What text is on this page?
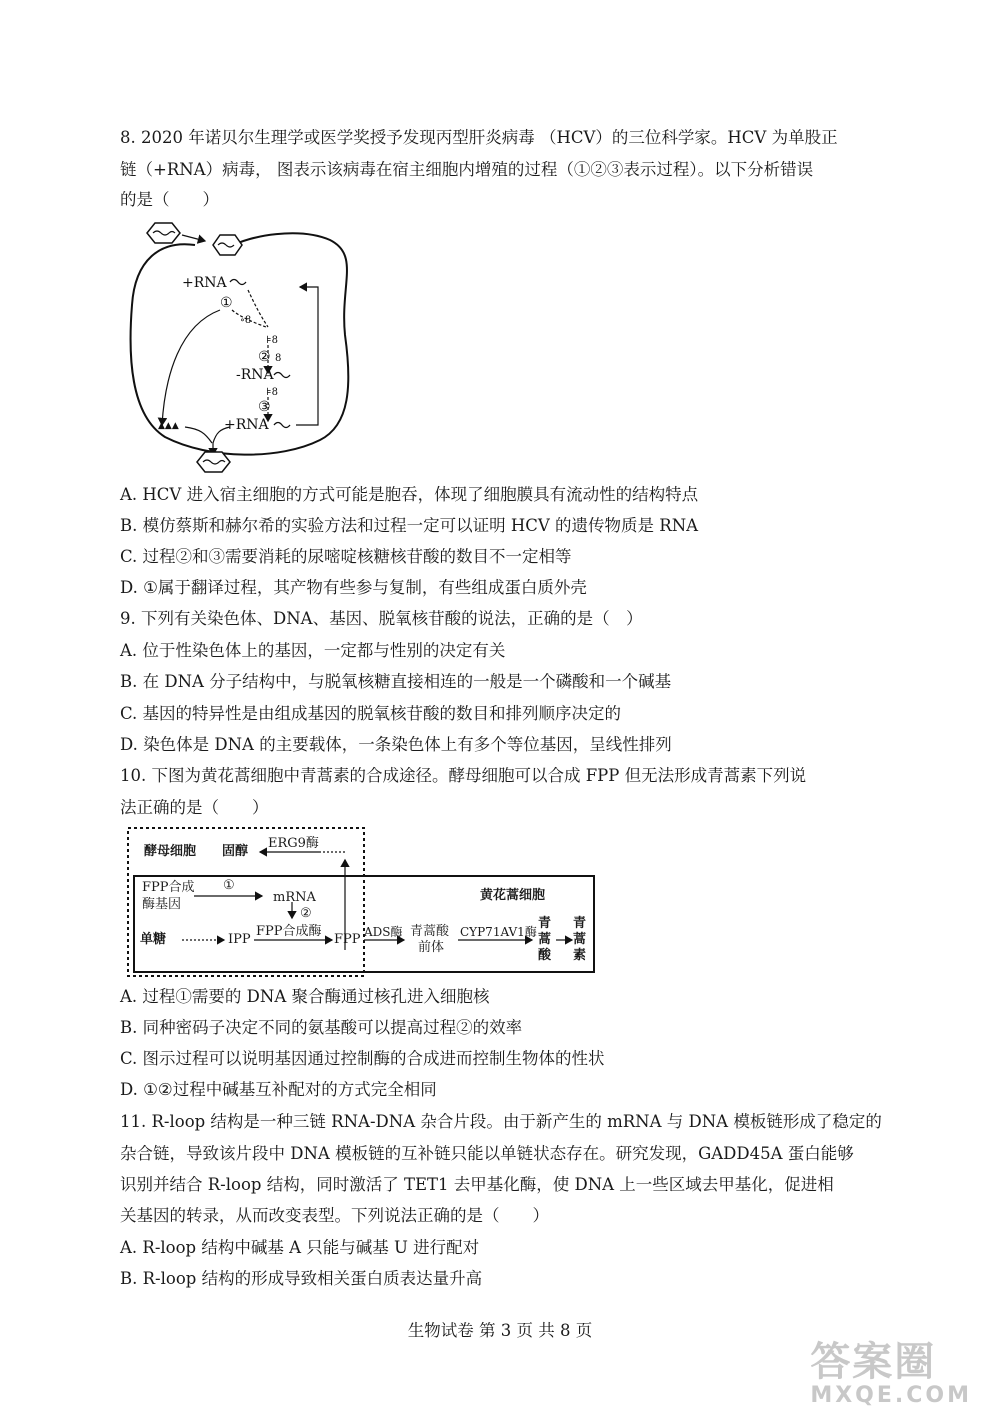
8. 2020 年诺贝尔生理学或医学奖授予发现丙型肝炎病毒 （HCV）的三位科学家。HCV 为单股正
链（+RNA）病毒， 图表示该病毒在宿主细胞内增殖的过程（①②③表示过程）。以下分析错误
的是（　　）
+RNA
①
∘8
⊧8
② 8
-RNA
⊧8
③
+RNA
▲▲▲
A. HCV 进入宿主细胞的方式可能是胞吞，体现了细胞膜具有流动性的结构特点
B. 模仿蔡斯和赫尔希的实验方法和过程一定可以证明 HCV 的遗传物质是 RNA
C. 过程②和③需要消耗的尿嘧啶核糖核苷酸的数目不一定相等
D. ①属于翻译过程，其产物有些参与复制，有些组成蛋白质外壳
9. 下列有关染色体、DNA、基因、脱氧核苷酸的说法，正确的是（　）
A. 位于性染色体上的基因，一定都与性别的决定有关
B. 在 DNA 分子结构中，与脱氧核糖直接相连的一般是一个磷酸和一个碱基
C. 基因的特异性是由组成基因的脱氧核苷酸的数目和排列顺序决定的
D. 染色体是 DNA 的主要载体，一条染色体上有多个等位基因，呈线性排列
10. 下图为黄花蒿细胞中青蒿素的合成途径。酵母细胞可以合成 FPP 但无法形成青蒿素下列说
法正确的是（　　）
酵母细胞 固醇
ERG9酶
FPP合成
酶基因
①
mRNA
②
单糖	IPP
FPP合成酶
FPP ADS酶 青蒿酸
前体
CYP71AV1酶
青
蒿
酸
青
蒿
素
黄花蒿细胞
A. 过程①需要的 DNA 聚合酶通过核孔进入细胞核
B. 同种密码子决定不同的氨基酸可以提高过程②的效率
C. 图示过程可以说明基因通过控制酶的合成进而控制生物体的性状
D. ①②过程中碱基互补配对的方式完全相同
11. R-loop 结构是一种三链 RNA-DNA 杂合片段。由于新产生的 mRNA 与 DNA 模板链形成了稳定的
杂合链，导致该片段中 DNA 模板链的互补链只能以单链状态存在。研究发现，GADD45A 蛋白能够
识别并结合 R-loop 结构，同时激活了 TET1 去甲基化酶，使 DNA 上一些区域去甲基化，促进相
关基因的转录，从而改变表型。下列说法正确的是（　　）
A. R-loop 结构中碱基 A 只能与碱基 U 进行配对
B. R-loop 结构的形成导致相关蛋白质表达量升高
生物试卷 第 3 页 共 8 页
答案圈
MXQE.COM
